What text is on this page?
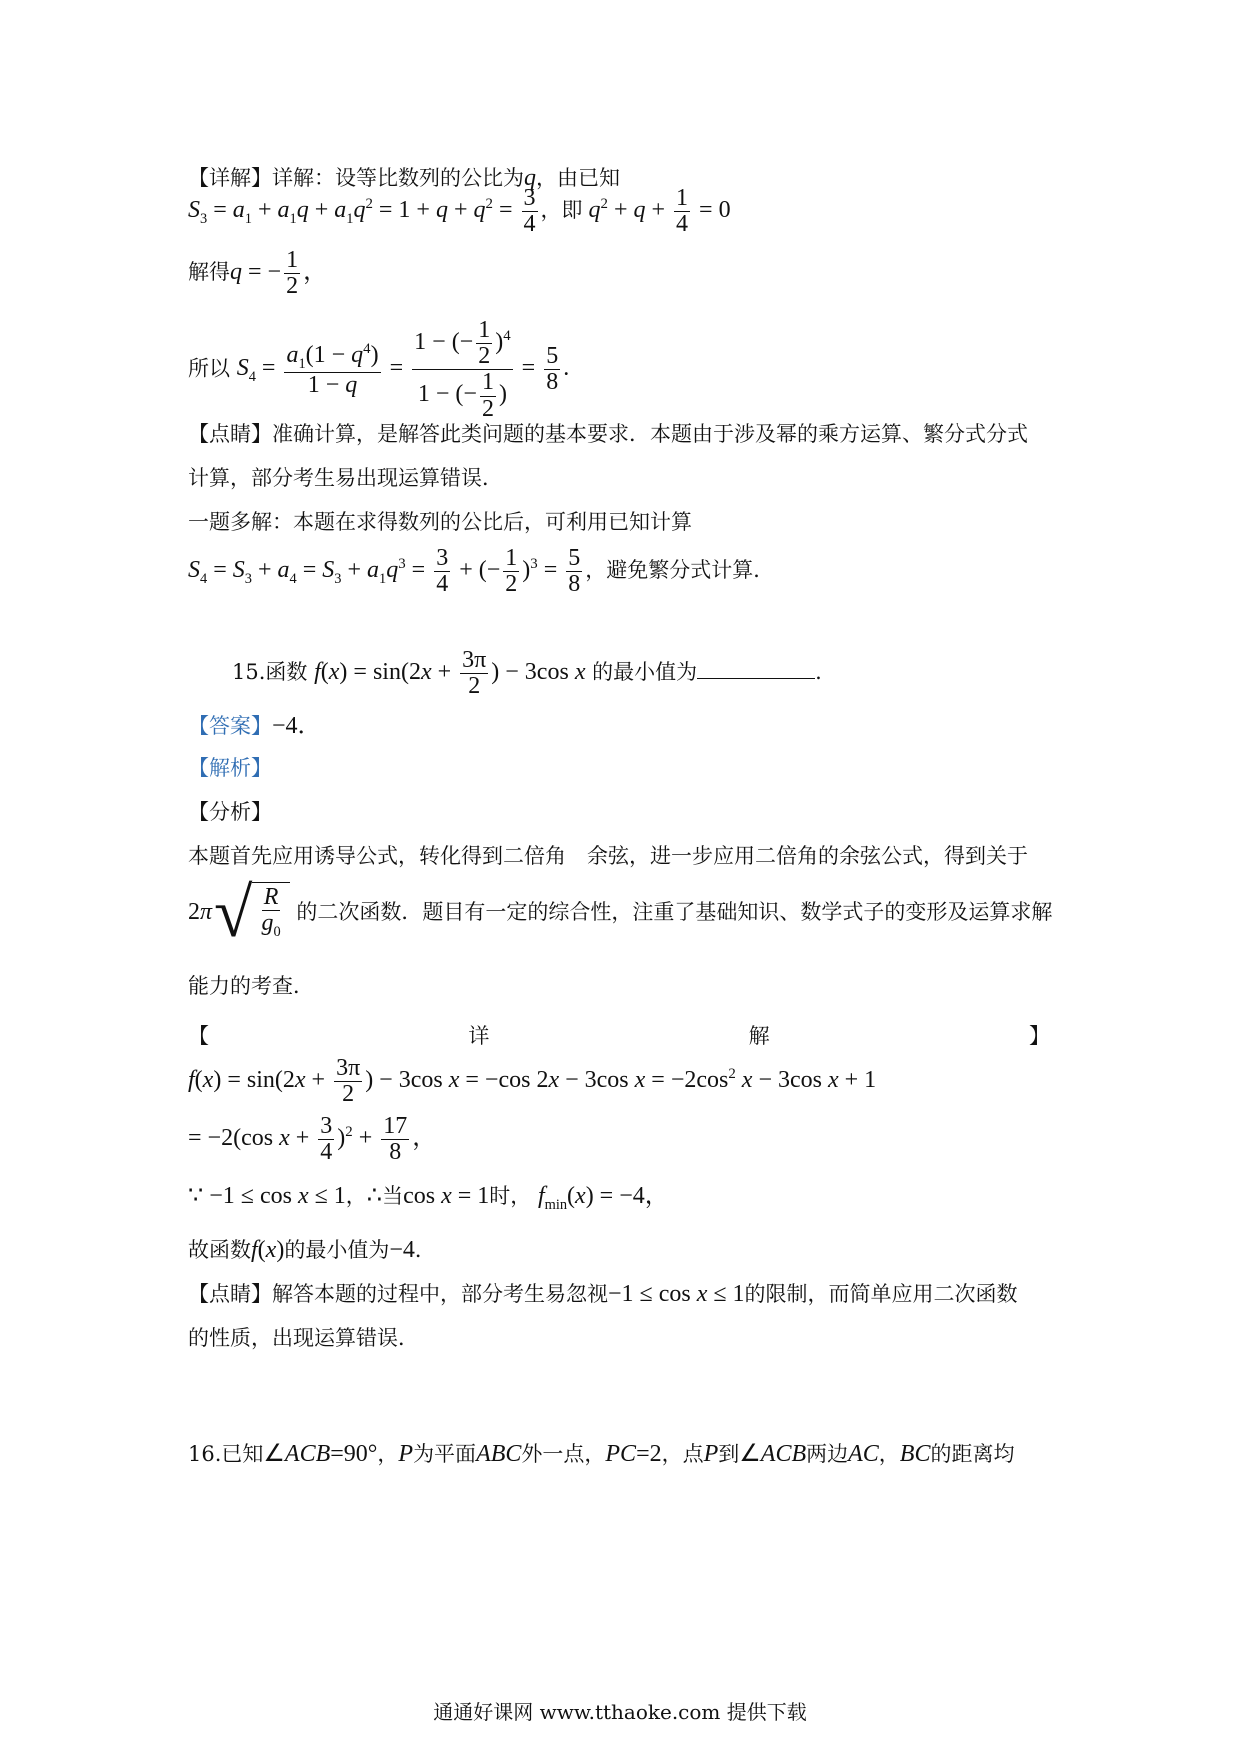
【详解】详解：设等比数列的公比为q，由已知
$S_3 = a_1 + a_1q + a_1q^2 = 1 + q + q^2 = \frac{3}{4}$ ，即 $q^2 + q + \frac{1}{4} = 0$
解得q = − $\frac{1}{2}$ ，
所以 $S_4 = \frac{a_1(1 - q^4)}{1 - q} = \frac{1 - (- \frac{1}{2} )^4}{1 - (- \frac{1}{2} )} = \frac{5}{8}$ .
【点睛】准确计算，是解答此类问题的基本要求．本题由于涉及幂的乘方运算、繁分式分式
计算，部分考生易出现运算错误．
一题多解：本题在求得数列的公比后，可利用已知计算
$S_4 = S_3 + a_4 = S_3 + a_1q^3 = \frac{3}{4}$ + (− $\frac{1}{2} )^3 = \frac{5}{8}$ ，避免繁分式计算．
15.函数 $f(x) = \sin(2x + \frac{3\pi}{2}$ ) − 3cos x 的最小值为	.
【答案】−4．
【解析】
【分析】
本题首先应用诱导公式，转化得到二倍角　余弦，进一步应用二倍角的余弦公式，得到关于
2π √ $\frac{R}{g_0}$ 的二次函数．题目有一定的综合性，注重了基础知识、数学式子的变形及运算求解
能力的考查．
【	详	解	】
$f(x) = \sin(2x + \frac{3\pi}{2}$ ) − 3cos x = −cos 2x − 3cos $x = -2\cos^2$ x − 3cos x + 1
= −2(cos $x + \frac{3}{4} )^2 + \frac{17}{8}$ ，
∵ −1 ≤ cos x ≤ 1，∴当cos x = 1时， $f_{min}(x) = -4$，
故函数f(x)的最小值为−4．
【点睛】解答本题的过程中，部分考生易忽视−1 ≤ cos x ≤ 1的限制，而简单应用二次函数
的性质，出现运算错误．
16.已知∠ACB=90°，P为平面ABC外一点，PC=2，点P到∠ACB两边AC，BC的距离均
通通好课网 www.tthaoke.com 提供下载
